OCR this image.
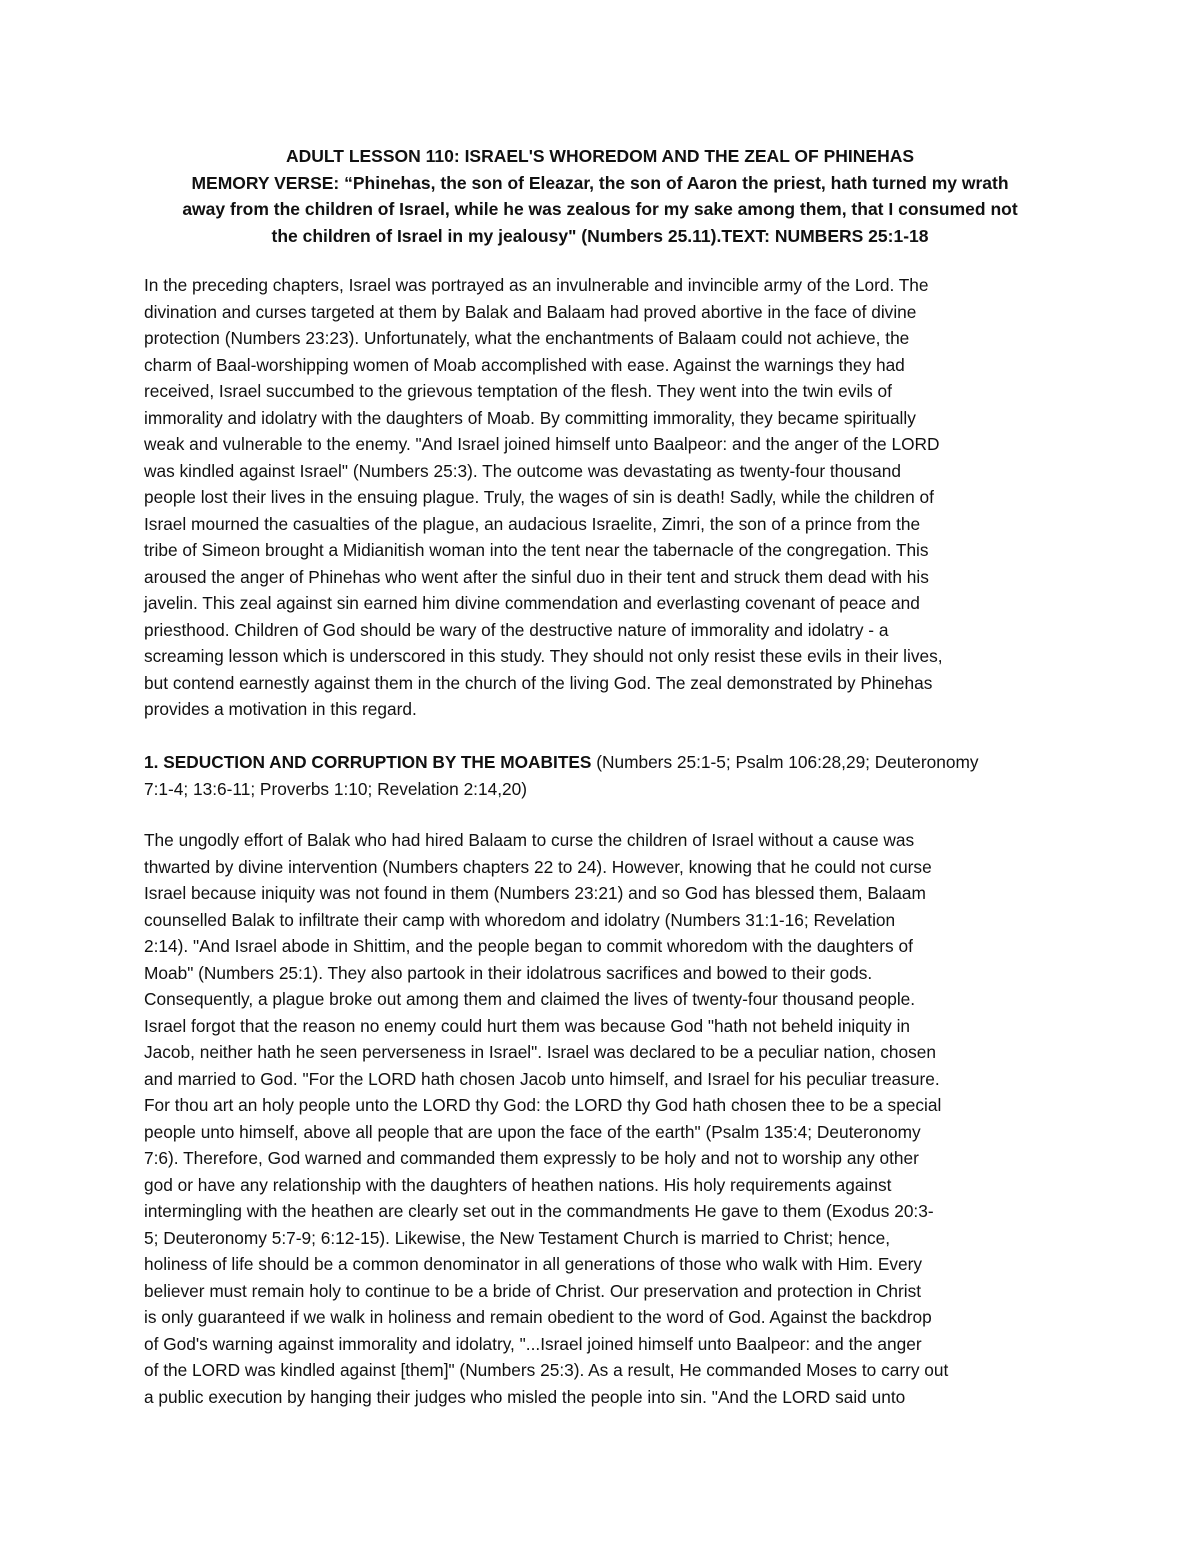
ADULT LESSON 110: ISRAEL'S WHOREDOM AND THE ZEAL OF PHINEHAS
MEMORY VERSE: “Phinehas, the son of Eleazar, the son of Aaron the priest, hath turned my wrath
away from the children of Israel, while he was zealous for my sake among them, that I consumed not
the children of Israel in my jealousy" (Numbers 25.11).TEXT: NUMBERS 25:1-18
In the preceding chapters, Israel was portrayed as an invulnerable and invincible army of the Lord. The
divination and curses targeted at them by Balak and Balaam had proved abortive in the face of divine
protection (Numbers 23:23). Unfortunately, what the enchantments of Balaam could not achieve, the
charm of Baal-worshipping women of Moab accomplished with ease. Against the warnings they had
received, Israel succumbed to the grievous temptation of the flesh. They went into the twin evils of
immorality and idolatry with the daughters of Moab. By committing immorality, they became spiritually
weak and vulnerable to the enemy. "And Israel joined himself unto Baalpeor: and the anger of the LORD
was kindled against Israel" (Numbers 25:3). The outcome was devastating as twenty-four thousand
people lost their lives in the ensuing plague. Truly, the wages of sin is death! Sadly, while the children of
Israel mourned the casualties of the plague, an audacious Israelite, Zimri, the son of a prince from the
tribe of Simeon brought a Midianitish woman into the tent near the tabernacle of the congregation. This
aroused the anger of Phinehas who went after the sinful duo in their tent and struck them dead with his
javelin. This zeal against sin earned him divine commendation and everlasting covenant of peace and
priesthood. Children of God should be wary of the destructive nature of immorality and idolatry - a
screaming lesson which is underscored in this study. They should not only resist these evils in their lives,
but contend earnestly against them in the church of the living God. The zeal demonstrated by Phinehas
provides a motivation in this regard.
1. SEDUCTION AND CORRUPTION BY THE MOABITES (Numbers 25:1-5; Psalm 106:28,29; Deuteronomy
7:1-4; 13:6-11; Proverbs 1:10; Revelation 2:14,20)
The ungodly effort of Balak who had hired Balaam to curse the children of Israel without a cause was
thwarted by divine intervention (Numbers chapters 22 to 24). However, knowing that he could not curse
Israel because iniquity was not found in them (Numbers 23:21) and so God has blessed them, Balaam
counselled Balak to infiltrate their camp with whoredom and idolatry (Numbers 31:1-16; Revelation
2:14). "And Israel abode in Shittim, and the people began to commit whoredom with the daughters of
Moab" (Numbers 25:1). They also partook in their idolatrous sacrifices and bowed to their gods.
Consequently, a plague broke out among them and claimed the lives of twenty-four thousand people.
Israel forgot that the reason no enemy could hurt them was because God "hath not beheld iniquity in
Jacob, neither hath he seen perverseness in Israel". Israel was declared to be a peculiar nation, chosen
and married to God. "For the LORD hath chosen Jacob unto himself, and Israel for his peculiar treasure.
For thou art an holy people unto the LORD thy God: the LORD thy God hath chosen thee to be a special
people unto himself, above all people that are upon the face of the earth" (Psalm 135:4; Deuteronomy
7:6). Therefore, God warned and commanded them expressly to be holy and not to worship any other
god or have any relationship with the daughters of heathen nations. His holy requirements against
intermingling with the heathen are clearly set out in the commandments He gave to them (Exodus 20:3-
5; Deuteronomy 5:7-9; 6:12-15). Likewise, the New Testament Church is married to Christ; hence,
holiness of life should be a common denominator in all generations of those who walk with Him. Every
believer must remain holy to continue to be a bride of Christ. Our preservation and protection in Christ
is only guaranteed if we walk in holiness and remain obedient to the word of God. Against the backdrop
of God's warning against immorality and idolatry, "...Israel joined himself unto Baalpeor: and the anger
of the LORD was kindled against [them]" (Numbers 25:3). As a result, He commanded Moses to carry out
a public execution by hanging their judges who misled the people into sin. "And the LORD said unto
